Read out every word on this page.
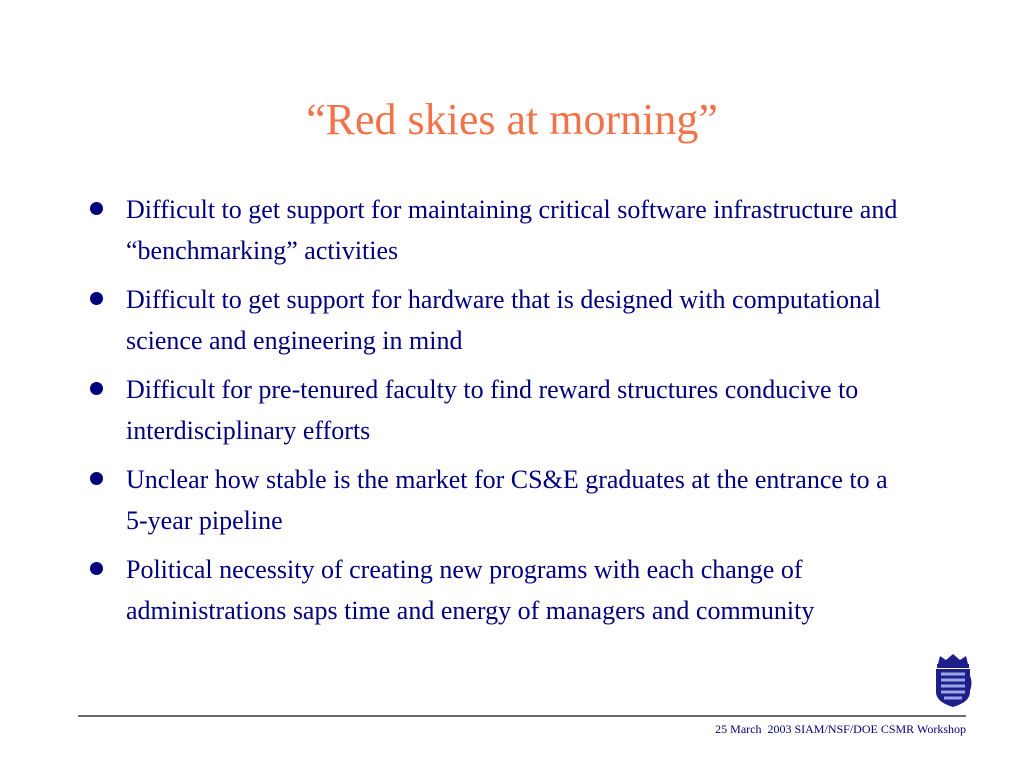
“Red skies at morning”
Difficult to get support for maintaining critical software infrastructure and “benchmarking” activities
Difficult to get support for hardware that is designed with computational science and engineering in mind
Difficult for pre-tenured faculty to find reward structures conducive to interdisciplinary efforts
Unclear how stable is the market for CS&E graduates at the entrance to a 5-year pipeline
Political necessity of creating new programs with each change of administrations saps time and energy of managers and community
25 March  2003 SIAM/NSF/DOE CSMR Workshop
